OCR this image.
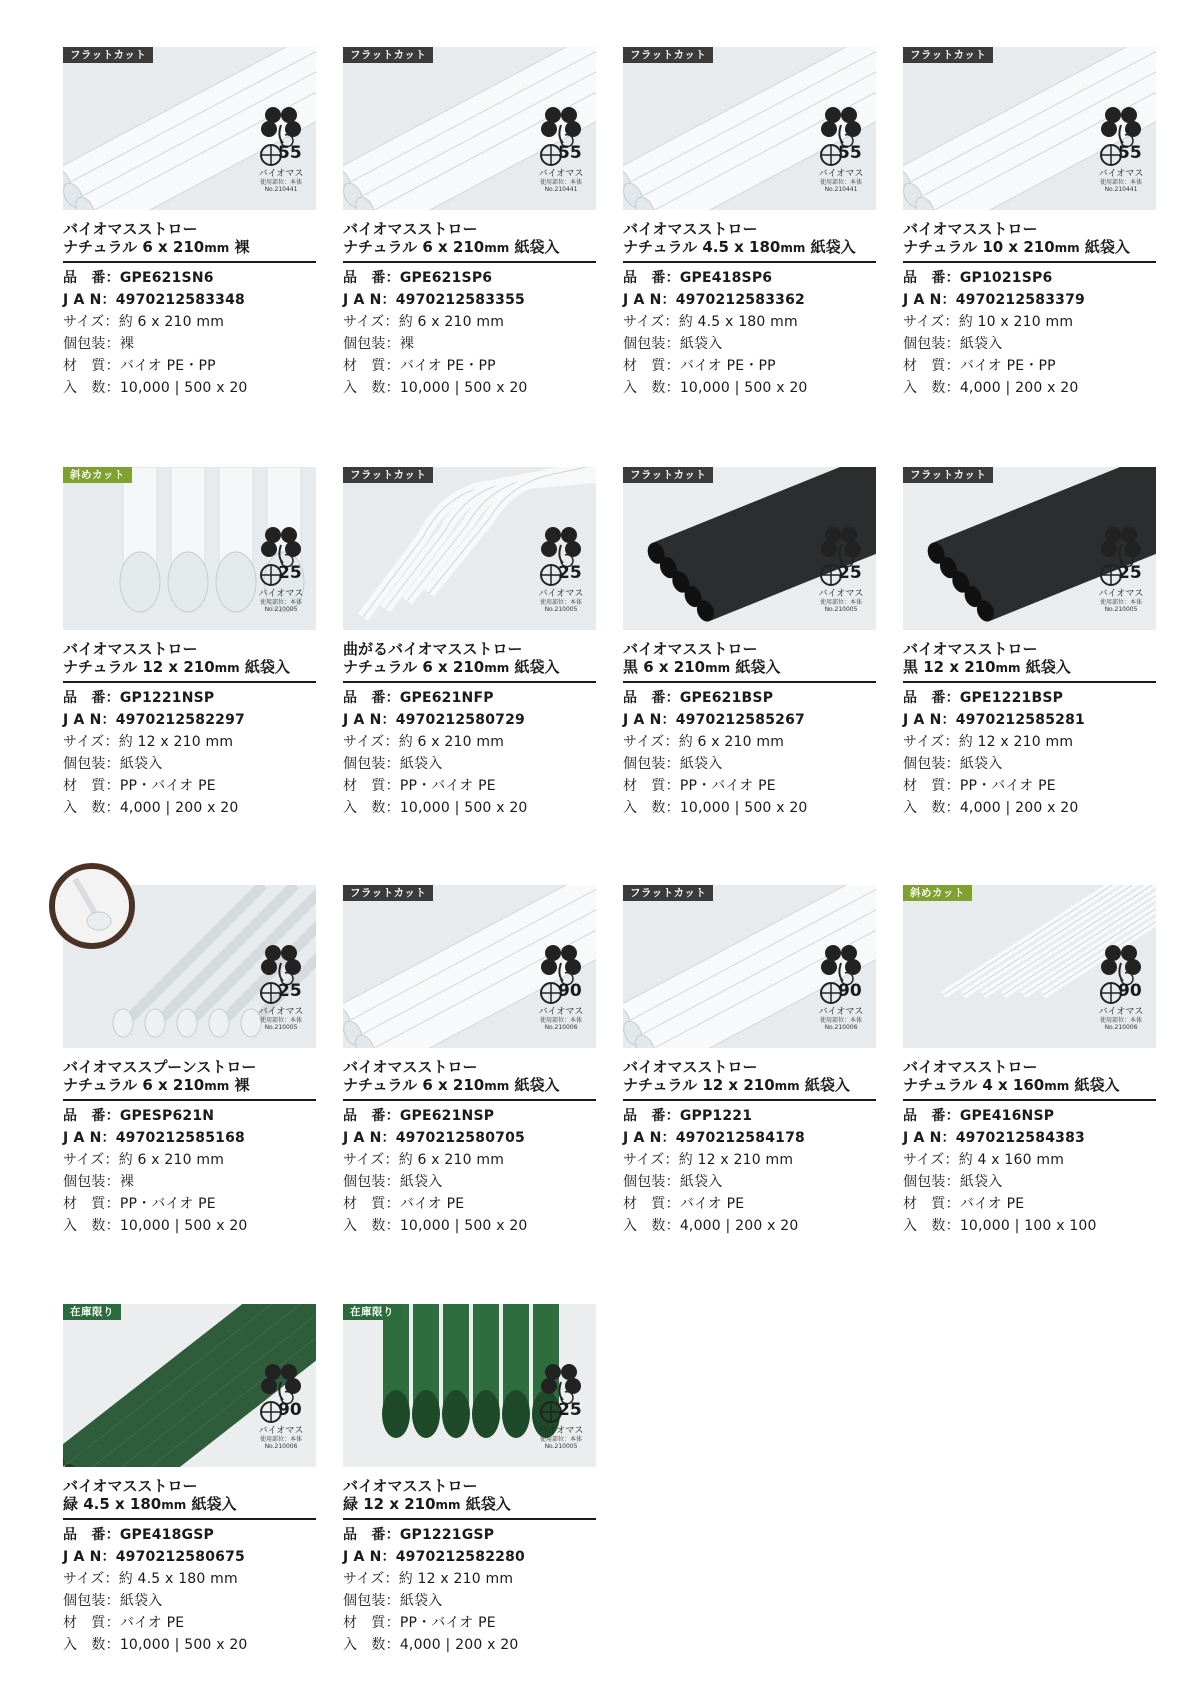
フラットカット
55
バイオマス
使用部位：本体
No.210441
バイオマスストロー
ナチュラル 6 x 210mm 裸
品　番：GPE621SN6
J A N：4970212583348
サイズ：約 6 x 210 mm
個包装：裸
材　質：バイオ PE・PP
入　数：10,000 | 500 x 20
フラットカット
55
バイオマス
使用部位：本体
No.210441
バイオマスストロー
ナチュラル 6 x 210mm 紙袋入
品　番：GPE621SP6
J A N：4970212583355
サイズ：約 6 x 210 mm
個包装：裸
材　質：バイオ PE・PP
入　数：10,000 | 500 x 20
フラットカット
55
バイオマス
使用部位：本体
No.210441
バイオマスストロー
ナチュラル 4.5 x 180mm 紙袋入
品　番：GPE418SP6
J A N：4970212583362
サイズ：約 4.5 x 180 mm
個包装：紙袋入
材　質：バイオ PE・PP
入　数：10,000 | 500 x 20
フラットカット
55
バイオマス
使用部位：本体
No.210441
バイオマスストロー
ナチュラル 10 x 210mm 紙袋入
品　番：GP1021SP6
J A N：4970212583379
サイズ：約 10 x 210 mm
個包装：紙袋入
材　質：バイオ PE・PP
入　数：4,000 | 200 x 20
斜めカット
25
バイオマス
使用部位：本体
No.210005
バイオマスストロー
ナチュラル 12 x 210mm 紙袋入
品　番：GP1221NSP
J A N：4970212582297
サイズ：約 12 x 210 mm
個包装：紙袋入
材　質：PP・バイオ PE
入　数：4,000 | 200 x 20
フラットカット
25
バイオマス
使用部位：本体
No.210005
曲がるバイオマスストロー
ナチュラル 6 x 210mm 紙袋入
品　番：GPE621NFP
J A N：4970212580729
サイズ：約 6 x 210 mm
個包装：紙袋入
材　質：PP・バイオ PE
入　数：10,000 | 500 x 20
フラットカット
25
バイオマス
使用部位：本体
No.210005
バイオマスストロー
黒 6 x 210mm 紙袋入
品　番：GPE621BSP
J A N：4970212585267
サイズ：約 6 x 210 mm
個包装：紙袋入
材　質：PP・バイオ PE
入　数：10,000 | 500 x 20
フラットカット
25
バイオマス
使用部位：本体
No.210005
バイオマスストロー
黒 12 x 210mm 紙袋入
品　番：GPE1221BSP
J A N：4970212585281
サイズ：約 12 x 210 mm
個包装：紙袋入
材　質：PP・バイオ PE
入　数：4,000 | 200 x 20
25
バイオマス
使用部位：本体
No.210005
バイオマススプーンストロー
ナチュラル 6 x 210mm 裸
品　番：GPESP621N
J A N：4970212585168
サイズ：約 6 x 210 mm
個包装：裸
材　質：PP・バイオ PE
入　数：10,000 | 500 x 20
フラットカット
90
バイオマス
使用部位：本体
No.210006
バイオマスストロー
ナチュラル 6 x 210mm 紙袋入
品　番：GPE621NSP
J A N：4970212580705
サイズ：約 6 x 210 mm
個包装：紙袋入
材　質：バイオ PE
入　数：10,000 | 500 x 20
フラットカット
90
バイオマス
使用部位：本体
No.210006
バイオマスストロー
ナチュラル 12 x 210mm 紙袋入
品　番：GPP1221
J A N：4970212584178
サイズ：約 12 x 210 mm
個包装：紙袋入
材　質：バイオ PE
入　数：4,000 | 200 x 20
斜めカット
90
バイオマス
使用部位：本体
No.210006
バイオマスストロー
ナチュラル 4 x 160mm 紙袋入
品　番：GPE416NSP
J A N：4970212584383
サイズ：約 4 x 160 mm
個包装：紙袋入
材　質：バイオ PE
入　数：10,000 | 100 x 100
在庫限り
90
バイオマス
使用部位：本体
No.210006
バイオマスストロー
緑 4.5 x 180mm 紙袋入
品　番：GPE418GSP
J A N：4970212580675
サイズ：約 4.5 x 180 mm
個包装：紙袋入
材　質：バイオ PE
入　数：10,000 | 500 x 20
在庫限り
25
バイオマス
使用部位：本体
No.210005
バイオマスストロー
緑 12 x 210mm 紙袋入
品　番：GP1221GSP
J A N：4970212582280
サイズ：約 12 x 210 mm
個包装：紙袋入
材　質：PP・バイオ PE
入　数：4,000 | 200 x 20
